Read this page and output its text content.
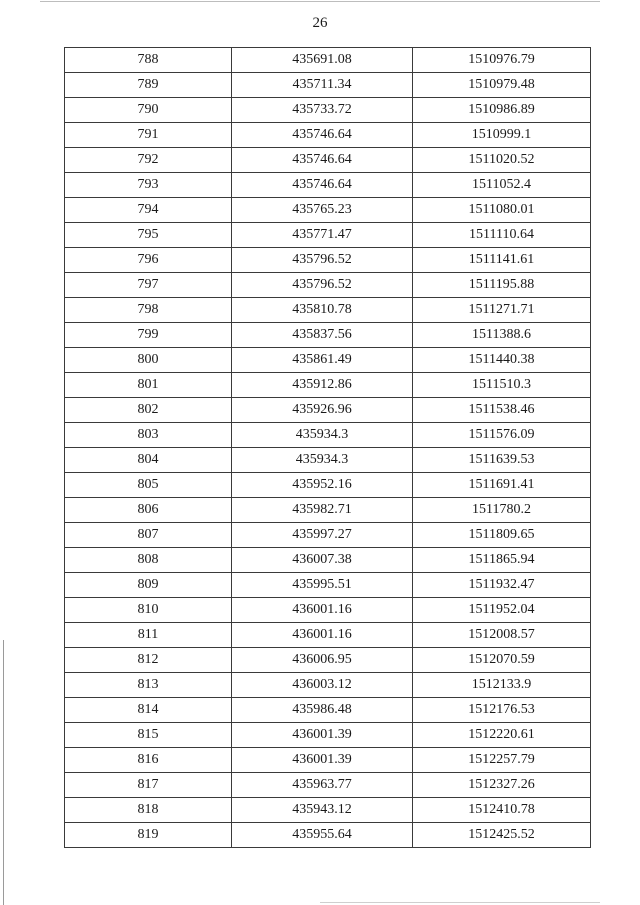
26
788	435691.08	1510976.79
789	435711.34	1510979.48
790	435733.72	1510986.89
791	435746.64	1510999.1
792	435746.64	1511020.52
793	435746.64	1511052.4
794	435765.23	1511080.01
795	435771.47	1511110.64
796	435796.52	1511141.61
797	435796.52	1511195.88
798	435810.78	1511271.71
799	435837.56	1511388.6
800	435861.49	1511440.38
801	435912.86	1511510.3
802	435926.96	1511538.46
803	435934.3	1511576.09
804	435934.3	1511639.53
805	435952.16	1511691.41
806	435982.71	1511780.2
807	435997.27	1511809.65
808	436007.38	1511865.94
809	435995.51	1511932.47
810	436001.16	1511952.04
811	436001.16	1512008.57
812	436006.95	1512070.59
813	436003.12	1512133.9
814	435986.48	1512176.53
815	436001.39	1512220.61
816	436001.39	1512257.79
817	435963.77	1512327.26
818	435943.12	1512410.78
819	435955.64	1512425.52
